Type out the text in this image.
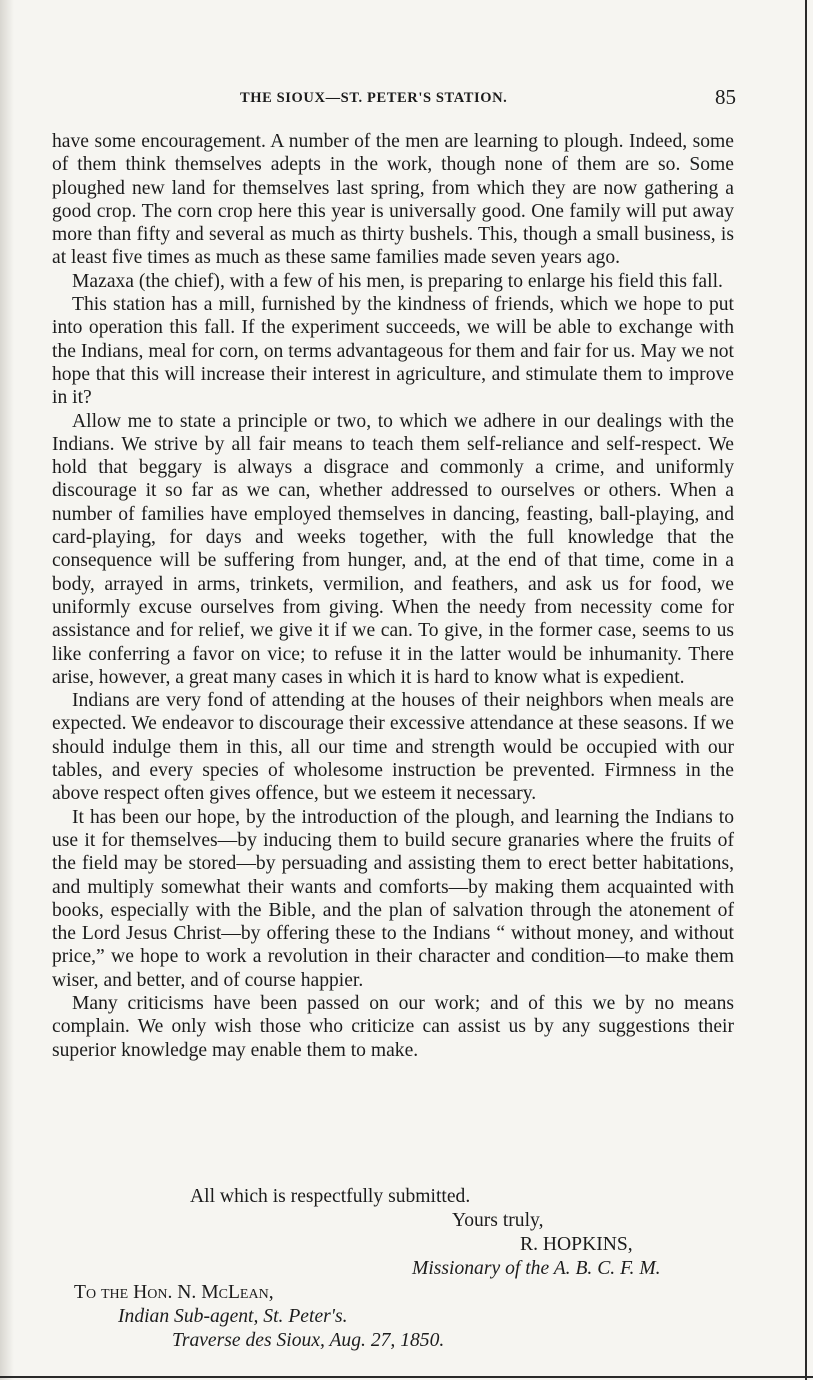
THE SIOUX—ST. PETER'S STATION.	85

have some encouragement. A number of the men are learning to plough. Indeed, some of them think themselves adepts in the work, though none of them are so. Some ploughed new land for themselves last spring, from which they are now gathering a good crop. The corn crop here this year is universally good. One family will put away more than fifty and several as much as thirty bushels. This, though a small business, is at least five times as much as these same families made seven years ago.

Mazaxa (the chief), with a few of his men, is preparing to enlarge his field this fall.

This station has a mill, furnished by the kindness of friends, which we hope to put into operation this fall. If the experiment succeeds, we will be able to exchange with the Indians, meal for corn, on terms advantageous for them and fair for us. May we not hope that this will increase their interest in agriculture, and stimulate them to improve in it?

Allow me to state a principle or two, to which we adhere in our dealings with the Indians. We strive by all fair means to teach them self-reliance and self-respect. We hold that beggary is always a disgrace and commonly a crime, and uniformly discourage it so far as we can, whether addressed to ourselves or others. When a number of families have employed themselves in dancing, feasting, ball-playing, and card-playing, for days and weeks together, with the full knowledge that the consequence will be suffering from hunger, and, at the end of that time, come in a body, arrayed in arms, trinkets, vermilion, and feathers, and ask us for food, we uniformly excuse ourselves from giving. When the needy from necessity come for assistance and for relief, we give it if we can. To give, in the former case, seems to us like conferring a favor on vice; to refuse it in the latter would be inhumanity. There arise, however, a great many cases in which it is hard to know what is expedient.

Indians are very fond of attending at the houses of their neighbors when meals are expected. We endeavor to discourage their excessive attendance at these seasons. If we should indulge them in this, all our time and strength would be occupied with our tables, and every species of wholesome instruction be prevented. Firmness in the above respect often gives offence, but we esteem it necessary.

It has been our hope, by the introduction of the plough, and learning the Indians to use it for themselves—by inducing them to build secure granaries where the fruits of the field may be stored—by persuading and assisting them to erect better habitations, and multiply somewhat their wants and comforts—by making them acquainted with books, especially with the Bible, and the plan of salvation through the atonement of the Lord Jesus Christ—by offering these to the Indians “ without money, and without price,” we hope to work a revolution in their character and condition—to make them wiser, and better, and of course happier.

Many criticisms have been passed on our work; and of this we by no means complain. We only wish those who criticize can assist us by any suggestions their superior knowledge may enable them to make.

All which is respectfully submitted.
Yours truly,
R. HOPKINS,
Missionary of the A. B. C. F. M.
To the Hon. N. McLean,
Indian Sub-agent, St. Peter's.
Traverse des Sioux, Aug. 27, 1850.
